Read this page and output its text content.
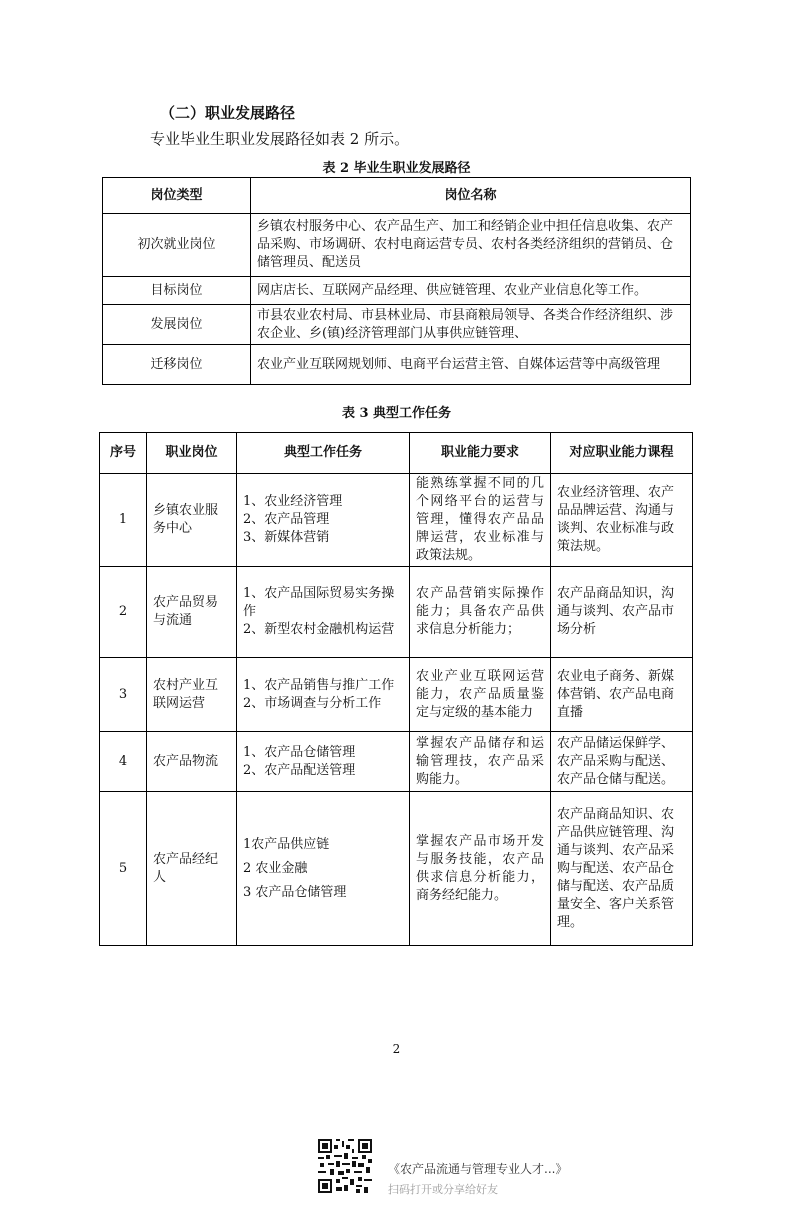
（二）职业发展路径
专业毕业生职业发展路径如表 2 所示。
表 2 毕业生职业发展路径
岗位类型	岗位名称
初次就业岗位	乡镇农村服务中心、农产品生产、加工和经销企业中担任信息收集、农产品采购、市场调研、农村电商运营专员、农村各类经济组织的营销员、仓储管理员、配送员
目标岗位	网店店长、互联网产品经理、供应链管理、农业产业信息化等工作。
发展岗位	市县农业农村局、市县林业局、市县商粮局领导、各类合作经济组织、涉农企业、乡(镇)经济管理部门从事供应链管理、
迁移岗位	农业产业互联网规划师、电商平台运营主管、自媒体运营等中高级管理
表 3 典型工作任务
序号	职业岗位	典型工作任务	职业能力要求	对应职业能力课程
1	乡镇农业服务中心	1、农业经济管理
2、农产品管理
3、新媒体营销	能熟练掌握不同的几个网络平台的运营与管理，懂得农产品品牌运营，农业标准与政策法规。	农业经济管理、农产品品牌运营、沟通与谈判、农业标准与政策法规。
2	农产品贸易与流通	1、农产品国际贸易实务操作
2、新型农村金融机构运营	农产品营销实际操作能力；具备农产品供求信息分析能力；	农产品商品知识，沟通与谈判、农产品市场分析
3	农村产业互联网运营	1、农产品销售与推广工作
2、市场调查与分析工作	农业产业互联网运营能力，农产品质量鉴定与定级的基本能力	农业电子商务、新媒体营销、农产品电商直播
4	农产品物流	1、农产品仓储管理
2、农产品配送管理	掌握农产品储存和运输管理技，农产品采购能力。	农产品储运保鲜学、农产品采购与配送、农产品仓储与配送。
5	农产品经纪人	1农产品供应链
2 农业金融
3 农产品仓储管理	掌握农产品市场开发与服务技能，农产品供求信息分析能力，商务经纪能力。	农产品商品知识、农产品供应链管理、沟通与谈判、农产品采购与配送、农产品仓储与配送、农产品质量安全、客户关系管理。
2
《农产品流通与管理专业人才...》
扫码打开或分享给好友
